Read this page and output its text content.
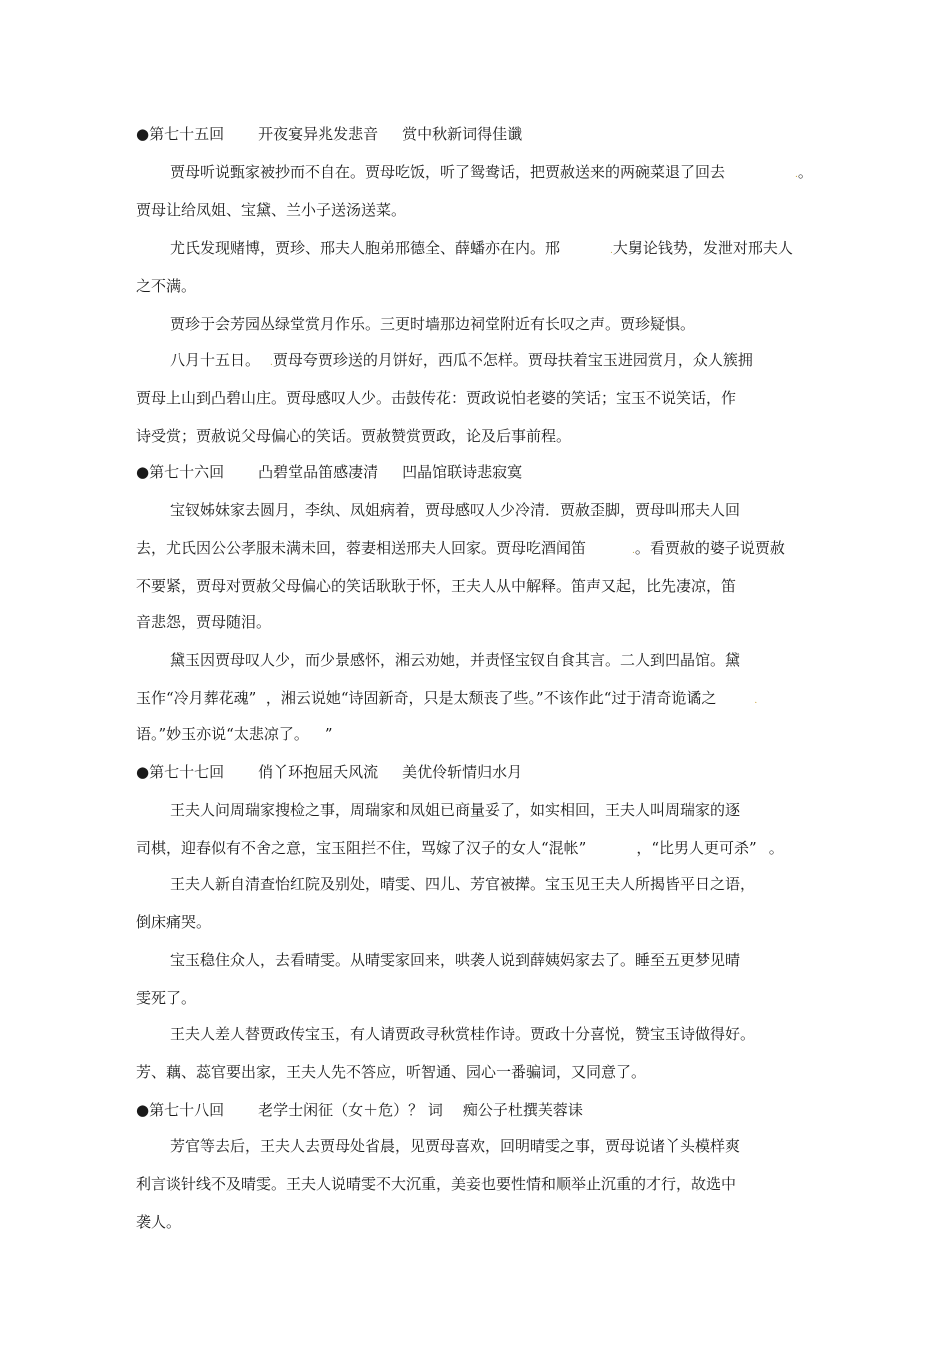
●第七十五回 开夜宴异兆发悲音 赏中秋新词得佳谶
贾母听说甄家被抄而不自在。贾母吃饭，听了鸳鸯话，把贾赦送来的两碗菜退了回去	.。
贾母让给凤姐、宝黛、兰小子送汤送菜。
尤氏发现赌博，贾珍、邢夫人胞弟邢德全、薛蟠亦在内。邢	.大舅论钱势，发泄对邢夫人
之不满。
贾珍于会芳园丛绿堂赏月作乐。三更时墙那边祠堂附近有长叹之声。贾珍疑惧。
八月十五日。 .贾母夸贾珍送的月饼好，西瓜不怎样。贾母扶着宝玉进园赏月，众人簇拥
贾母上山到凸碧山庄。贾母感叹人少。击鼓传花：贾政说怕老婆的笑话；宝玉不说笑话，作
诗受赏；贾赦说父母偏心的笑话。贾赦赞赏贾政，论及后事前程。
●第七十六回 凸碧堂品笛感凄清 凹晶馆联诗悲寂寞
宝钗姊妹家去圆月，李纨、凤姐病着，贾母感叹人少冷清．贾赦歪脚，贾母叫邢夫人回
去，尤氏因公公孝服未满未回，蓉妻相送邢夫人回家。贾母吃酒闻笛	.。看贾赦的婆子说贾赦
不要紧，贾母对贾赦父母偏心的笑话耿耿于怀，王夫人从中解释。笛声又起，比先凄凉，笛
音悲怨，贾母随泪。
黛玉因贾母叹人少，而少景感怀，湘云劝她，并责怪宝钗自食其言。二人到凹晶馆。黛
玉作“冷月葬花魂”  ，湘云说她“诗固新奇，只是太颓丧了些。”不该作此“过于清奇诡谲之	.
语。”妙玉亦说“太悲凉了。 ”
●第七十七回 俏丫环抱屈夭风流 美优伶斩情归水月
王夫人问周瑞家搜检之事，周瑞家和凤姐已商量妥了，如实相回，王夫人叫周瑞家的逐
司棋，迎春似有不舍之意，宝玉阻拦不住，骂嫁了汉子的女人“混帐”	，“比男人更可杀” 。
王夫人新自清查怡红院及别处，晴雯、四儿、芳官被撵。宝玉见王夫人所揭皆平日之语，
倒床痛哭。
宝玉稳住众人，去看晴雯。从晴雯家回来，哄袭人说到薛姨妈家去了。睡至五更梦见晴
雯死了。
王夫人差人替贾政传宝玉，有人请贾政寻秋赏桂作诗。贾政十分喜悦，赞宝玉诗做得好。
芳、藕、蕊官要出家，王夫人先不答应，听智通、园心一番骗词，又同意了。
●第七十八回 老学士闲征（女＋危）？ 词 痴公子杜撰芙蓉诔
芳官等去后，王夫人去贾母处省晨，见贾母喜欢，回明晴雯之事，贾母说诸丫头模样爽
利言谈针线不及晴雯。王夫人说晴雯不大沉重，美妾也要性情和顺举止沉重的才行，故选中
袭人。
